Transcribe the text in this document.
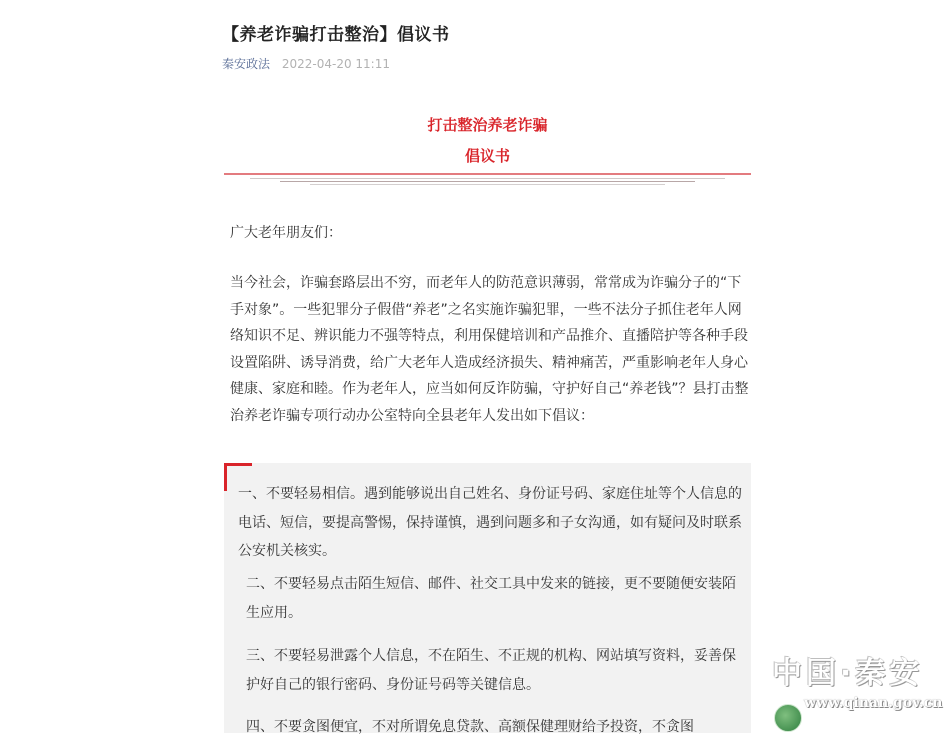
【养老诈骗打击整治】倡议书
秦安政法 2022-04-20 11:11
打击整治养老诈骗
倡议书
广大老年朋友们：
当今社会，诈骗套路层出不穷，而老年人的防范意识薄弱，常常成为诈骗分子的“下手对象”。一些犯罪分子假借“养老”之名实施诈骗犯罪，一些不法分子抓住老年人网络知识不足、辨识能力不强等特点，利用保健培训和产品推介、直播陪护等各种手段设置陷阱、诱导消费，给广大老年人造成经济损失、精神痛苦，严重影响老年人身心健康、家庭和睦。作为老年人，应当如何反诈防骗，守护好自己“养老钱”？县打击整治养老诈骗专项行动办公室特向全县老年人发出如下倡议：
一、不要轻易相信。遇到能够说出自己姓名、身份证号码、家庭住址等个人信息的电话、短信，要提高警惕，保持谨慎，遇到问题多和子女沟通，如有疑问及时联系公安机关核实。
二、不要轻易点击陌生短信、邮件、社交工具中发来的链接，更不要随便安装陌生应用。
三、不要轻易泄露个人信息，不在陌生、不正规的机构、网站填写资料，妥善保护好自己的银行密码、身份证号码等关键信息。
四、不要贪图便宜，不对所谓免息贷款、高额保健理财给予投资，不贪图
中国·秦安
www.qinan.gov.cn
